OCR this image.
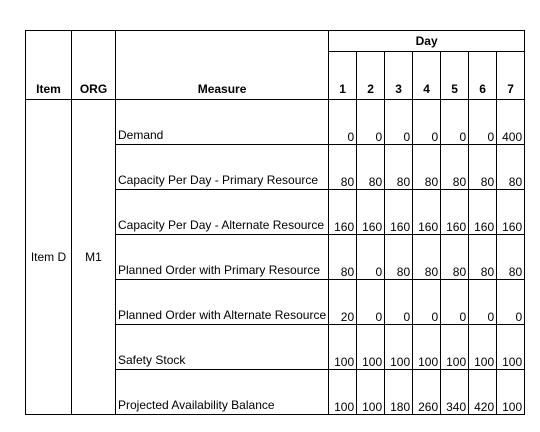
			Day						
Item	ORG	Measure	1	2	3	4	5	6	7
Item D	M1	Demand	0	0	0	0	0	0	400
		Capacity Per Day - Primary Resource	80	80	80	80	80	80	80
		Capacity Per Day - Alternate Resource	160	160	160	160	160	160	160
		Planned Order with Primary Resource	80	0	80	80	80	80	80
		Planned Order with Alternate Resource	20	0	0	0	0	0	0
		Safety Stock	100	100	100	100	100	100	100
		Projected Availability Balance	100	100	180	260	340	420	100
